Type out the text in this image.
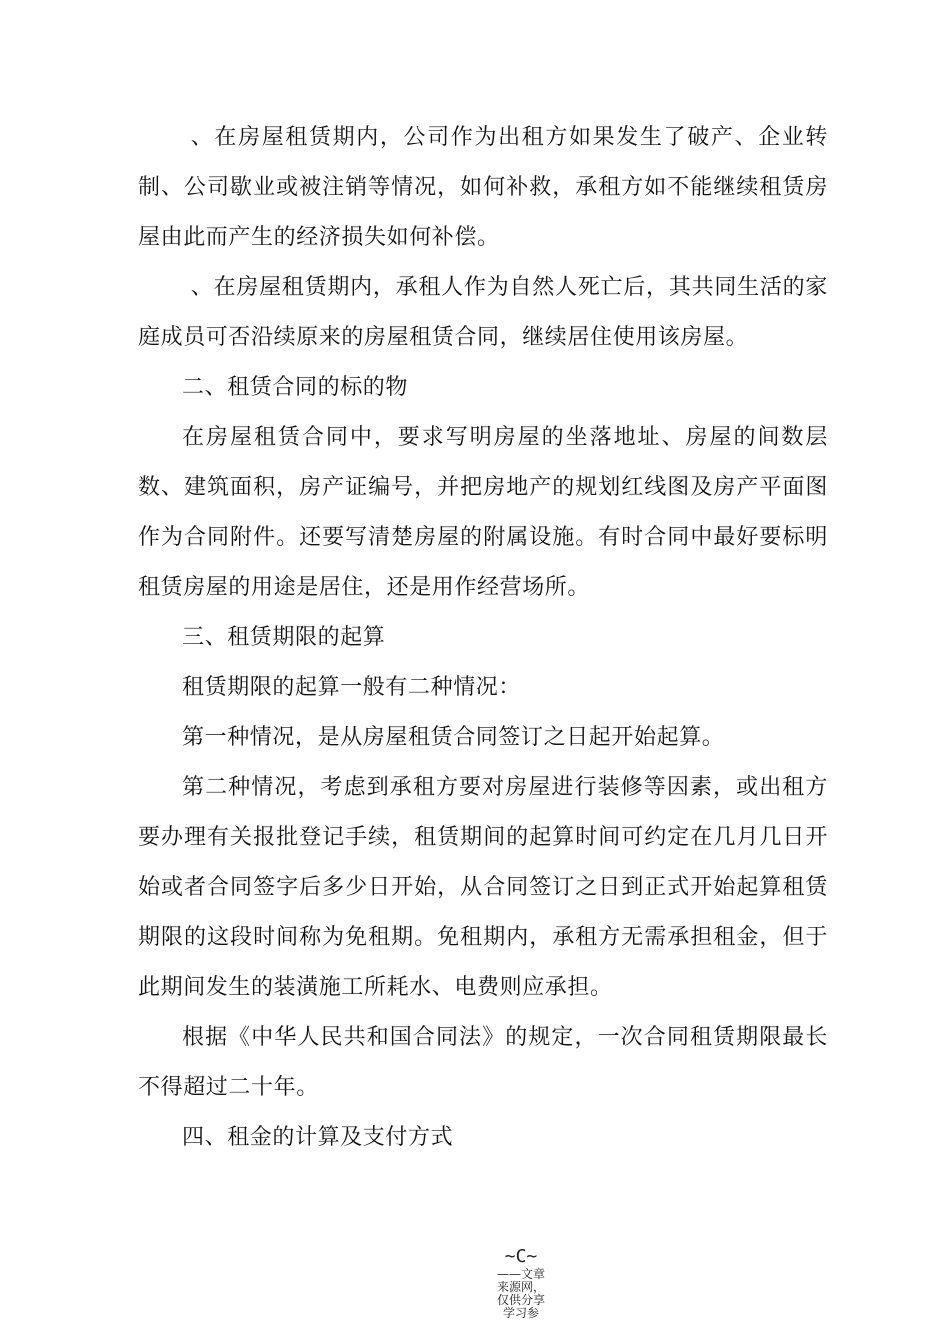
、在房屋租赁期内，公司作为出租方如果发生了破产、企业转制、公司歇业或被注销等情况，如何补救，承租方如不能继续租赁房屋由此而产生的经济损失如何补偿。

、在房屋租赁期内，承租人作为自然人死亡后，其共同生活的家庭成员可否沿续原来的房屋租赁合同，继续居住使用该房屋。

二、租赁合同的标的物

在房屋租赁合同中，要求写明房屋的坐落地址、房屋的间数层数、建筑面积，房产证编号，并把房地产的规划红线图及房产平面图作为合同附件。还要写清楚房屋的附属设施。有时合同中最好要标明租赁房屋的用途是居住，还是用作经营场所。

三、租赁期限的起算

租赁期限的起算一般有二种情况：

第一种情况，是从房屋租赁合同签订之日起开始起算。

第二种情况，考虑到承租方要对房屋进行装修等因素，或出租方要办理有关报批登记手续，租赁期间的起算时间可约定在几月几日开始或者合同签字后多少日开始，从合同签订之日到正式开始起算租赁期限的这段时间称为免租期。免租期内，承租方无需承担租金，但于此期间发生的装潢施工所耗水、电费则应承担。

根据《中华人民共和国合同法》的规定，一次合同租赁期限最长不得超过二十年。

四、租金的计算及支付方式

~C~
——文章来源网，仅供分享学习参
